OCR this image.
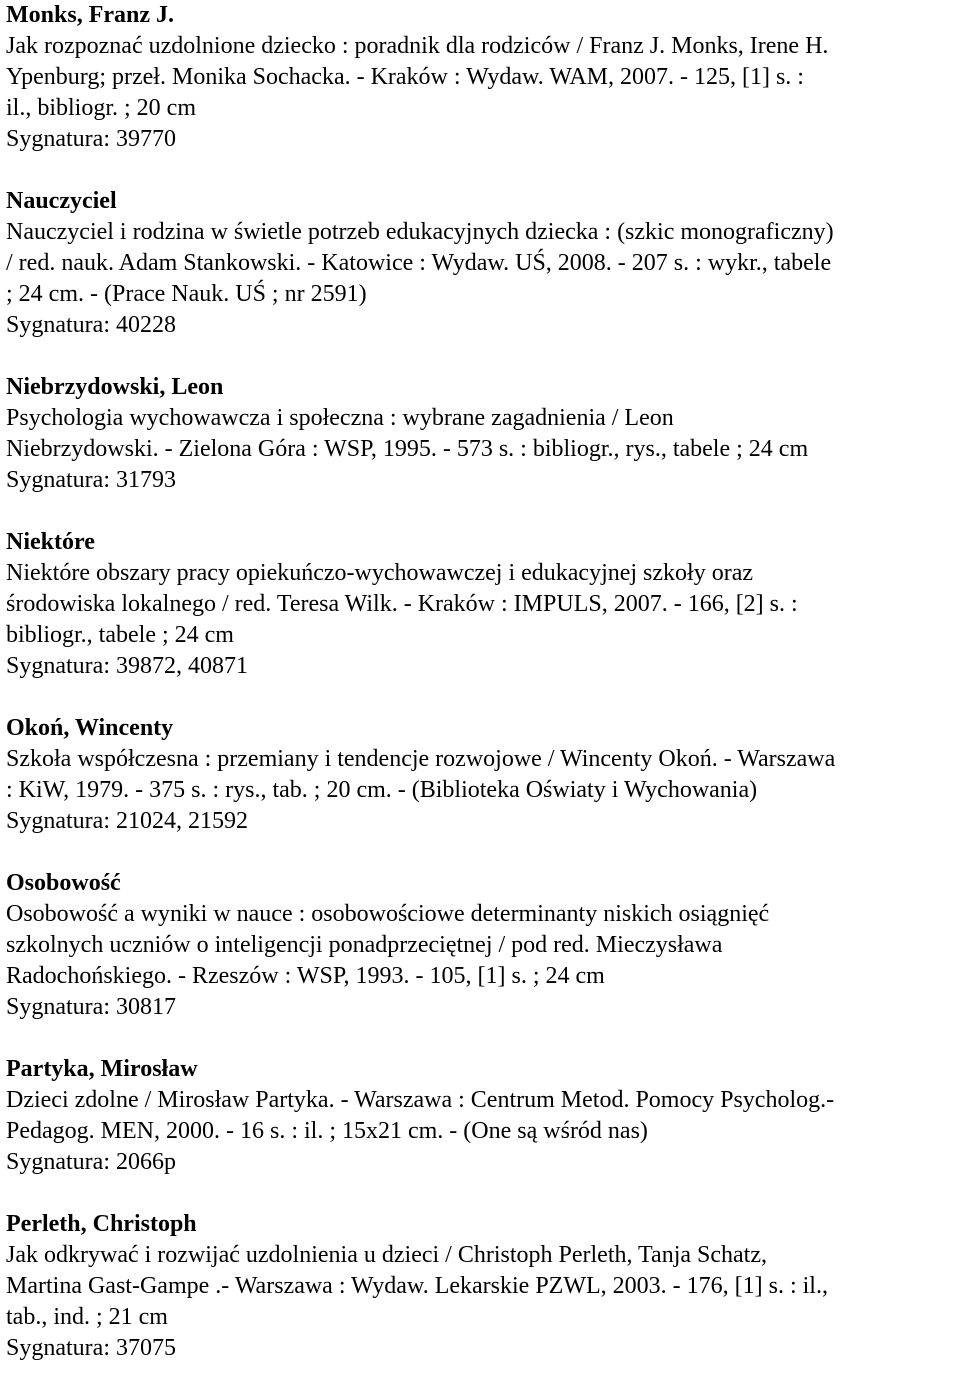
Monks, Franz J.
Jak rozpoznać uzdolnione dziecko : poradnik dla rodziców / Franz J. Monks, Irene H.
Ypenburg; przeł. Monika Sochacka. - Kraków : Wydaw. WAM, 2007. - 125, [1] s. :
il., bibliogr. ; 20 cm
Sygnatura: 39770
Nauczyciel
Nauczyciel i rodzina w świetle potrzeb edukacyjnych dziecka : (szkic monograficzny)
/ red. nauk. Adam Stankowski. - Katowice : Wydaw. UŚ, 2008. - 207 s. : wykr., tabele
; 24 cm. - (Prace Nauk. UŚ ; nr 2591)
Sygnatura: 40228
Niebrzydowski, Leon
Psychologia wychowawcza i społeczna : wybrane zagadnienia / Leon
Niebrzydowski. - Zielona Góra : WSP, 1995. - 573 s. : bibliogr., rys., tabele ; 24 cm
Sygnatura: 31793
Niektóre
Niektóre obszary pracy opiekuńczo-wychowawczej i edukacyjnej szkoły oraz
środowiska lokalnego / red. Teresa Wilk. - Kraków : IMPULS, 2007. - 166, [2] s. :
bibliogr., tabele ; 24 cm
Sygnatura: 39872, 40871
Okoń, Wincenty
Szkoła współczesna : przemiany i tendencje rozwojowe / Wincenty Okoń. - Warszawa
: KiW, 1979. - 375 s. : rys., tab. ; 20 cm. - (Biblioteka Oświaty i Wychowania)
Sygnatura: 21024, 21592
Osobowość
Osobowość a wyniki w nauce : osobowościowe determinanty niskich osiągnięć
szkolnych uczniów o inteligencji ponadprzeciętnej / pod red. Mieczysława
Radochońskiego. - Rzeszów : WSP, 1993. - 105, [1] s. ; 24 cm
Sygnatura: 30817
Partyka, Mirosław
Dzieci zdolne / Mirosław Partyka. - Warszawa : Centrum Metod. Pomocy Psycholog.-
Pedagog. MEN, 2000. - 16 s. : il. ; 15x21 cm. - (One są wśród nas)
Sygnatura: 2066p
Perleth, Christoph
Jak odkrywać i rozwijać uzdolnienia u dzieci / Christoph Perleth, Tanja Schatz,
Martina Gast-Gampe .- Warszawa : Wydaw. Lekarskie PZWL, 2003. - 176, [1] s. : il.,
tab., ind. ; 21 cm
Sygnatura: 37075
